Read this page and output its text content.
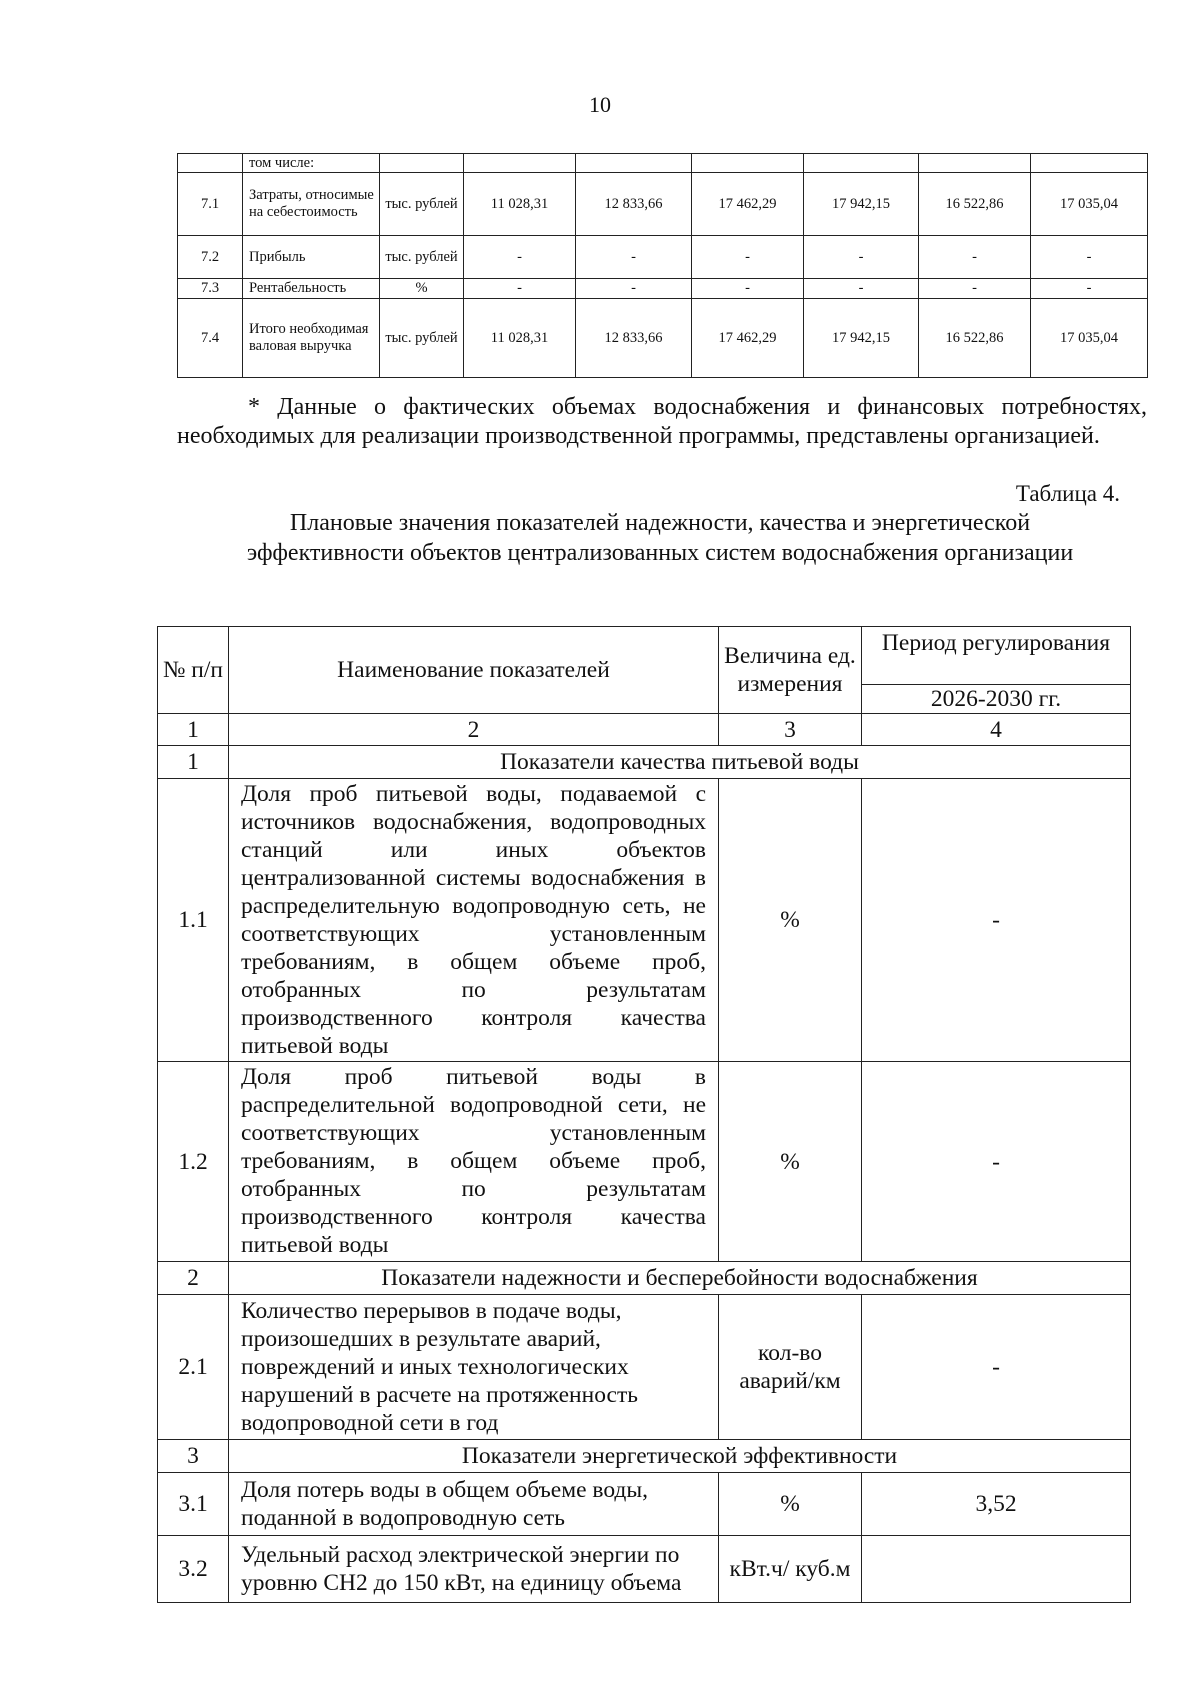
10
	том числе:							
7.1	Затраты, относимые на себестоимость	тыс. рублей	11 028,31	12 833,66	17 462,29	17 942,15	16 522,86	17 035,04
7.2	Прибыль	тыс. рублей	-	-	-	-	-	-
7.3	Рентабельность	%	-	-	-	-	-	-
7.4	Итого необходимая валовая выручка	тыс. рублей	11 028,31	12 833,66	17 462,29	17 942,15	16 522,86	17 035,04

* Данные о фактических объемах водоснабжения и финансовых потребностях, необходимых для реализации производственной программы, представлены организацией.

Таблица 4.
Плановые значения показателей надежности, качества и энергетической
эффективности объектов централизованных систем водоснабжения организации
№ п/п	Наименование показателей	Величина ед. измерения	Период регулирования
			2026-2030 гг.
1	2	3	4
1	Показатели качества питьевой воды		
1.1	Доля проб питьевой воды, подаваемой с источников водоснабжения, водопроводных станций или иных объектов централизованной системы водоснабжения в распределительную водопроводную сеть, не соответствующих установленным требованиям, в общем объеме проб, отобранных по результатам производственного контроля качества питьевой воды	%	-
1.2	Доля проб питьевой воды в распределительной водопроводной сети, не соответствующих установленным требованиям, в общем объеме проб, отобранных по результатам производственного контроля качества питьевой воды	%	-
2	Показатели надежности и бесперебойности водоснабжения		
2.1	Количество перерывов в подаче воды, произошедших в результате аварий, повреждений и иных технологических нарушений в расчете на протяженность водопроводной сети в год	кол-во аварий/км	-
3	Показатели энергетической эффективности		
3.1	Доля потерь воды в общем объеме воды, поданной в водопроводную сеть	%	3,52
3.2	Удельный расход электрической энергии по уровню СН2 до 150 кВт, на единицу объема	кВт.ч/ куб.м	
